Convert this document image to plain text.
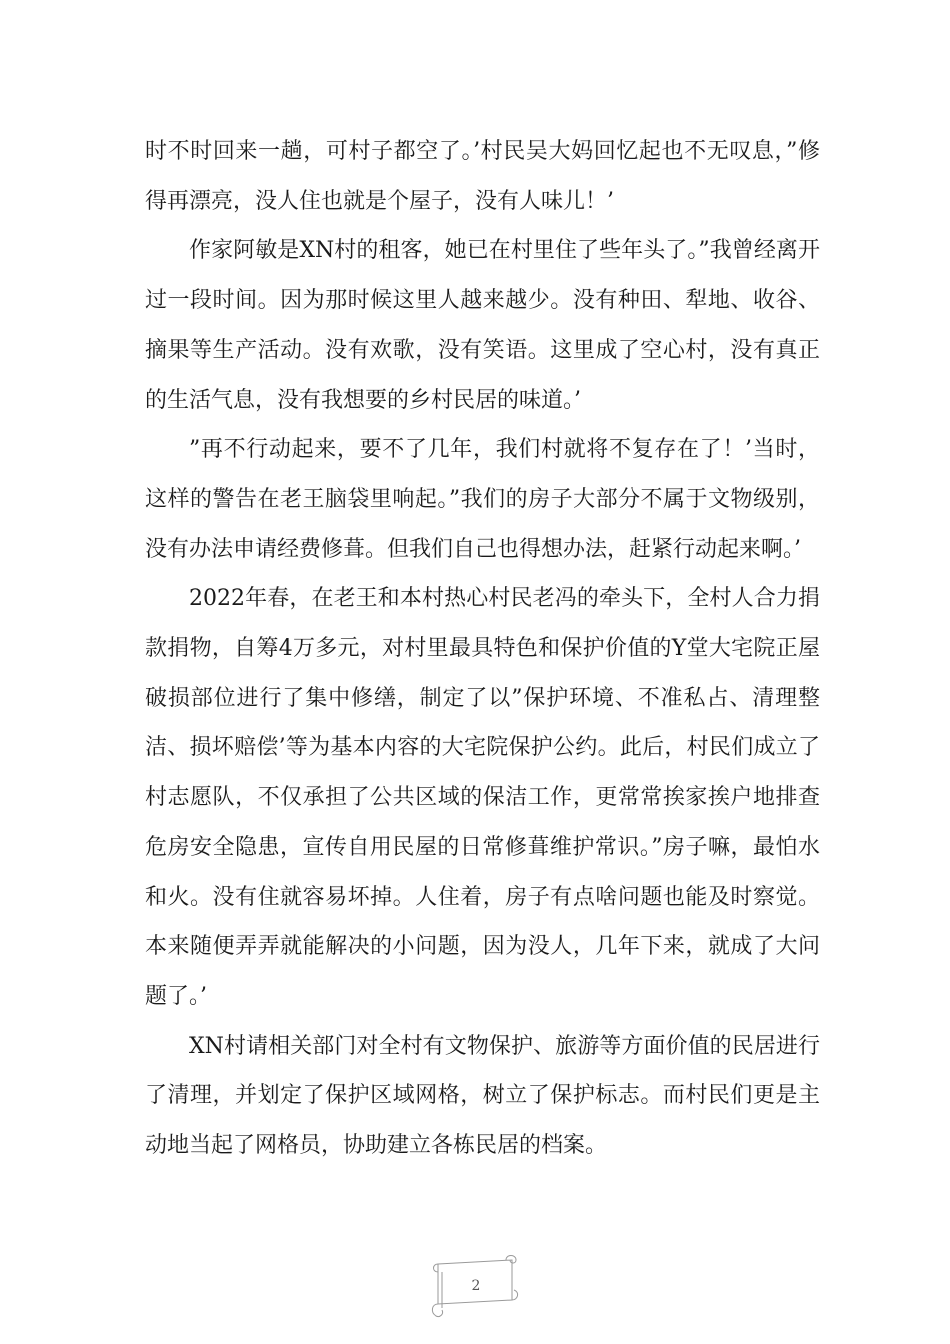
时不时回来一趟，可村子都空了。’村民吴大妈回忆起也不无叹息，”修得再漂亮，没人住也就是个屋子，没有人味儿！’

作家阿敏是XN村的租客，她已在村里住了些年头了。”我曾经离开过一段时间。因为那时候这里人越来越少。没有种田、犁地、收谷、摘果等生产活动。没有欢歌，没有笑语。这里成了空心村，没有真正的生活气息，没有我想要的乡村民居的味道。’

”再不行动起来，要不了几年，我们村就将不复存在了！’当时，这样的警告在老王脑袋里响起。”我们的房子大部分不属于文物级别，没有办法申请经费修葺。但我们自己也得想办法，赶紧行动起来啊。’

2022年春，在老王和本村热心村民老冯的牵头下，全村人合力捐款捐物，自筹4万多元，对村里最具特色和保护价值的Y堂大宅院正屋破损部位进行了集中修缮，制定了以”保护环境、不准私占、清理整洁、损坏赔偿’等为基本内容的大宅院保护公约。此后，村民们成立了村志愿队，不仅承担了公共区域的保洁工作，更常常挨家挨户地排查危房安全隐患，宣传自用民屋的日常修葺维护常识。”房子嘛，最怕水和火。没有住就容易坏掉。人住着，房子有点啥问题也能及时察觉。本来随便弄弄就能解决的小问题，因为没人，几年下来，就成了大问题了。’

XN村请相关部门对全村有文物保护、旅游等方面价值的民居进行了清理，并划定了保护区域网格，树立了保护标志。而村民们更是主动地当起了网格员，协助建立各栋民居的档案。

2
